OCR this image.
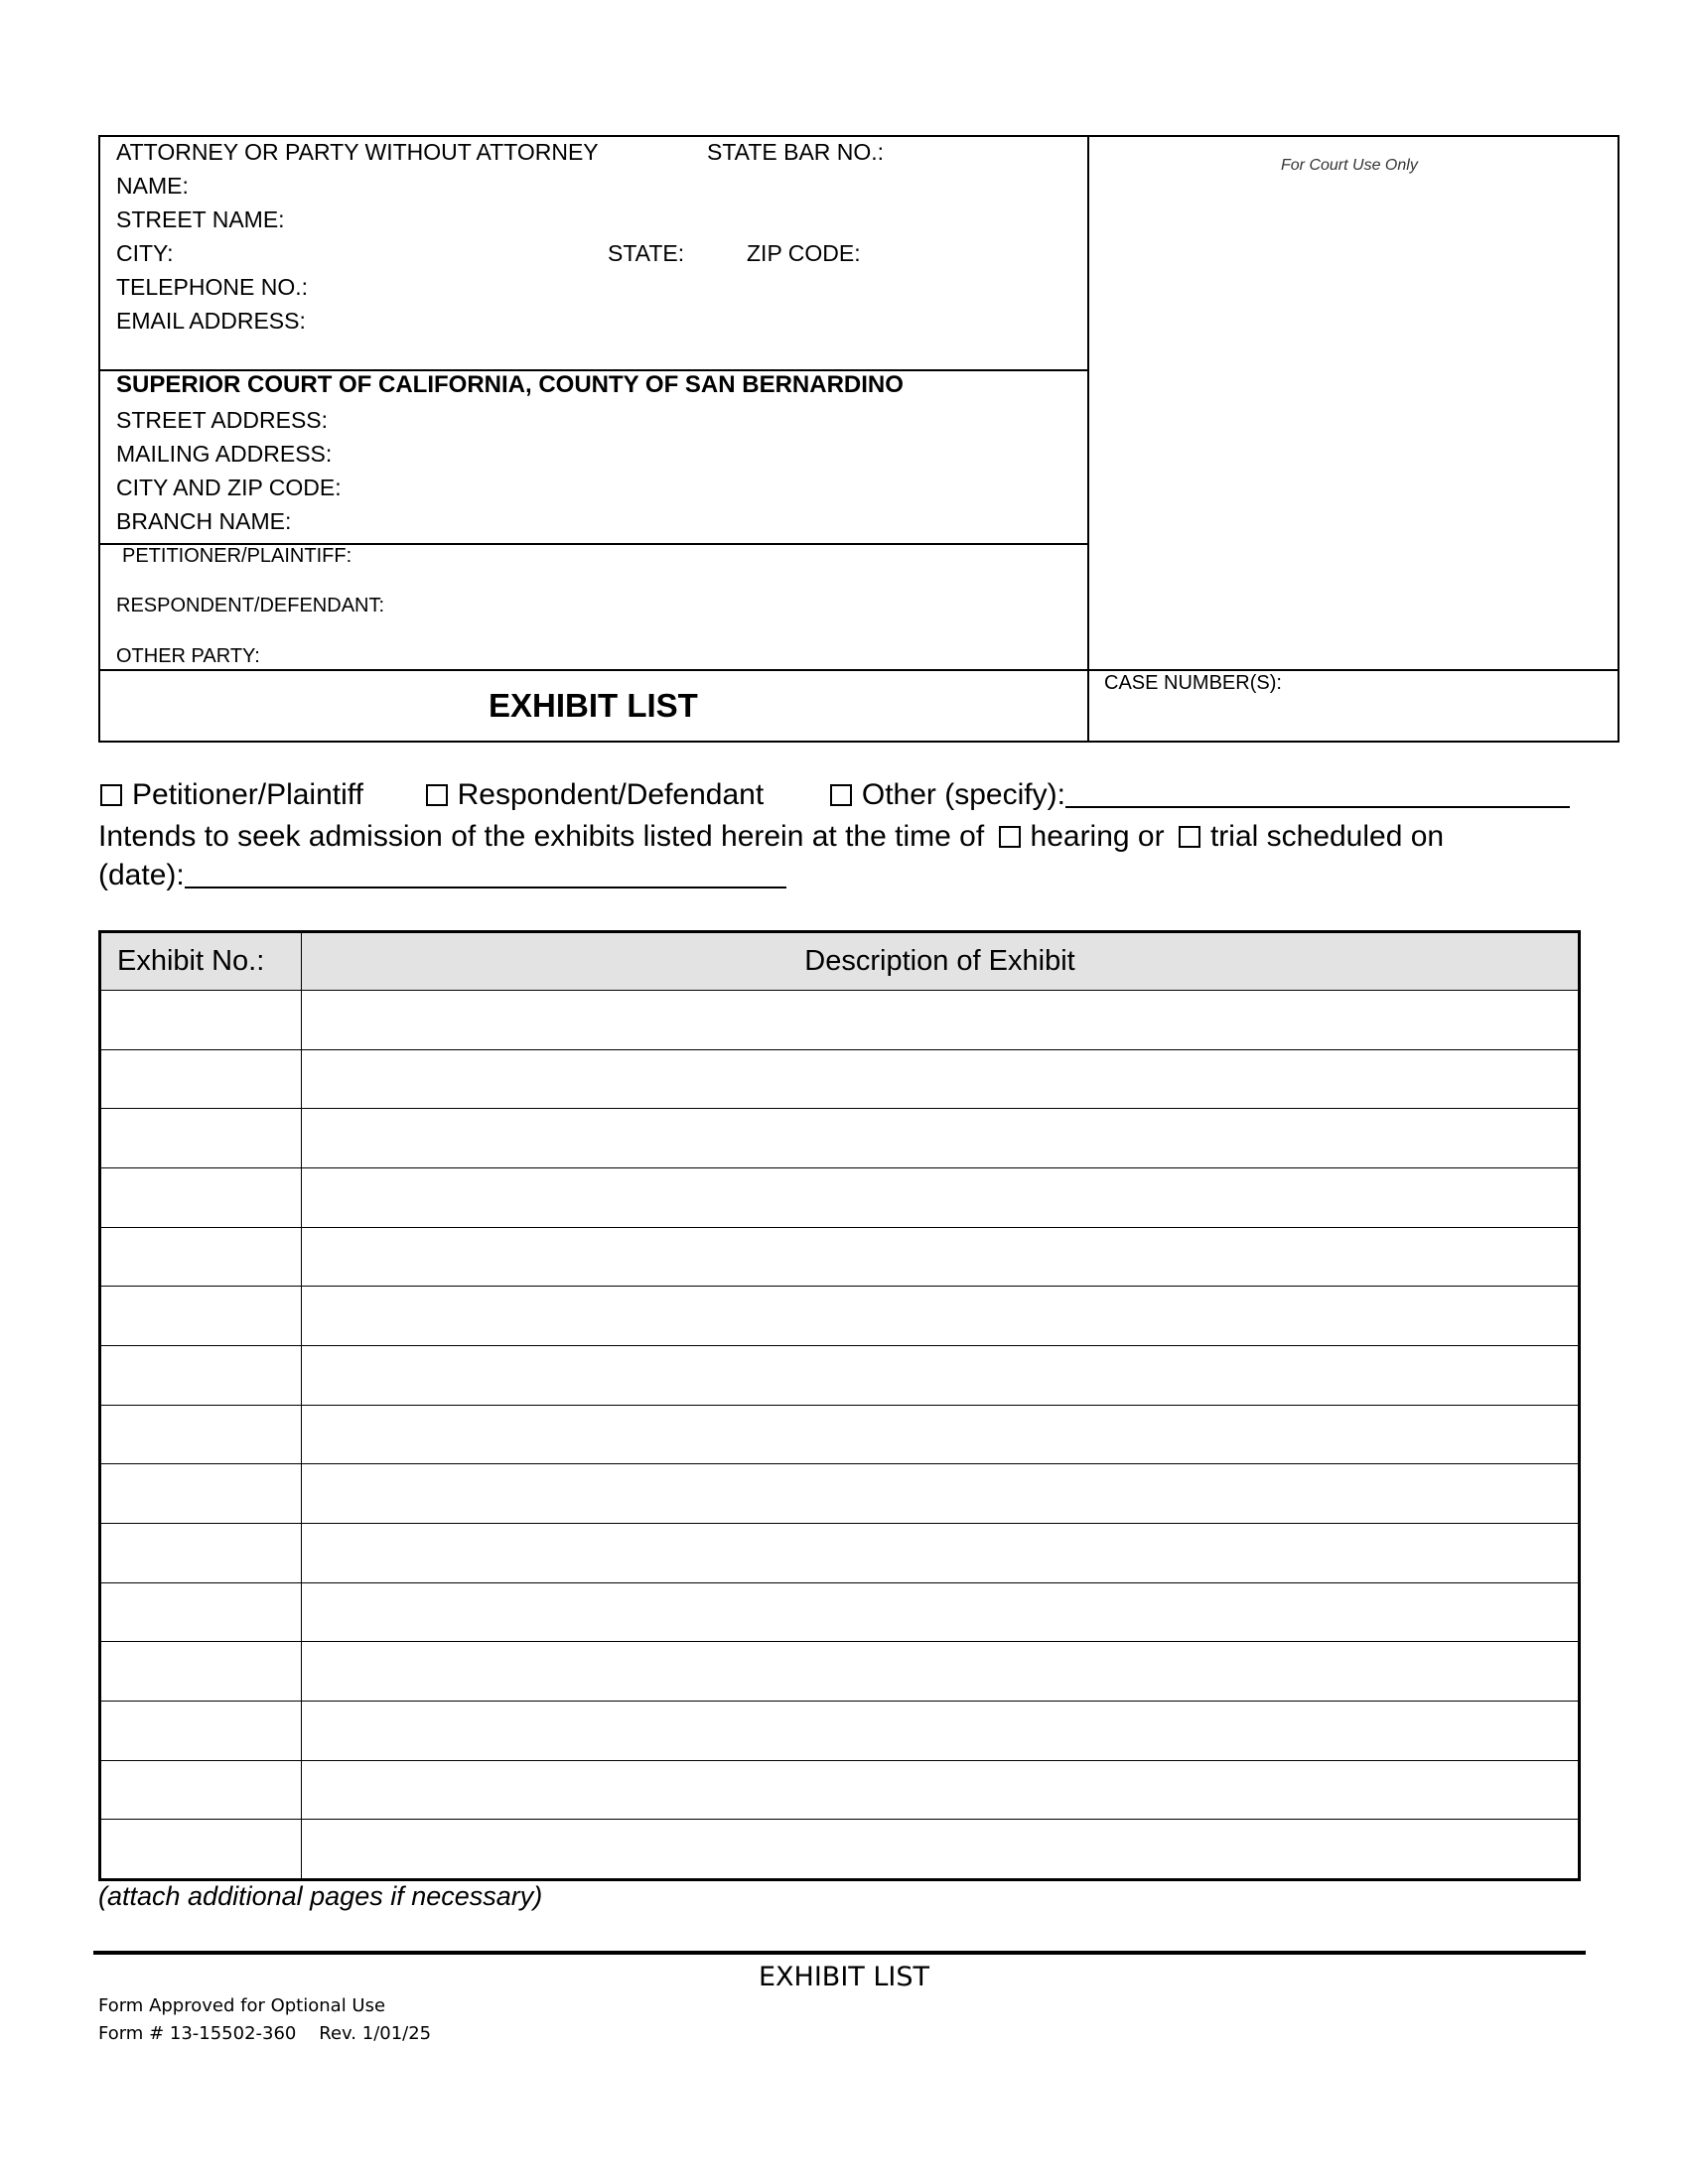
ATTORNEY OR PARTY WITHOUT ATTORNEY	STATE BAR NO.:
NAME:
STREET NAME:
CITY:	STATE:	ZIP CODE:
TELEPHONE NO.:
EMAIL ADDRESS:
SUPERIOR COURT OF CALIFORNIA, COUNTY OF SAN BERNARDINO
STREET ADDRESS:
MAILING ADDRESS:
CITY AND ZIP CODE:
BRANCH NAME:
PETITIONER/PLAINTIFF:
RESPONDENT/DEFENDANT:
OTHER PARTY:
For Court Use Only
EXHIBIT LIST
CASE NUMBER(S):
Petitioner/Plaintiff	Respondent/Defendant	Other (specify):
Intends to seek admission of the exhibits listed herein at the time of hearing or trial scheduled on
(date):
Exhibit No.:	Description of Exhibit

(attach additional pages if necessary)
EXHIBIT LIST
Form Approved for Optional Use
Form # 13-15502-360    Rev. 1/01/25
